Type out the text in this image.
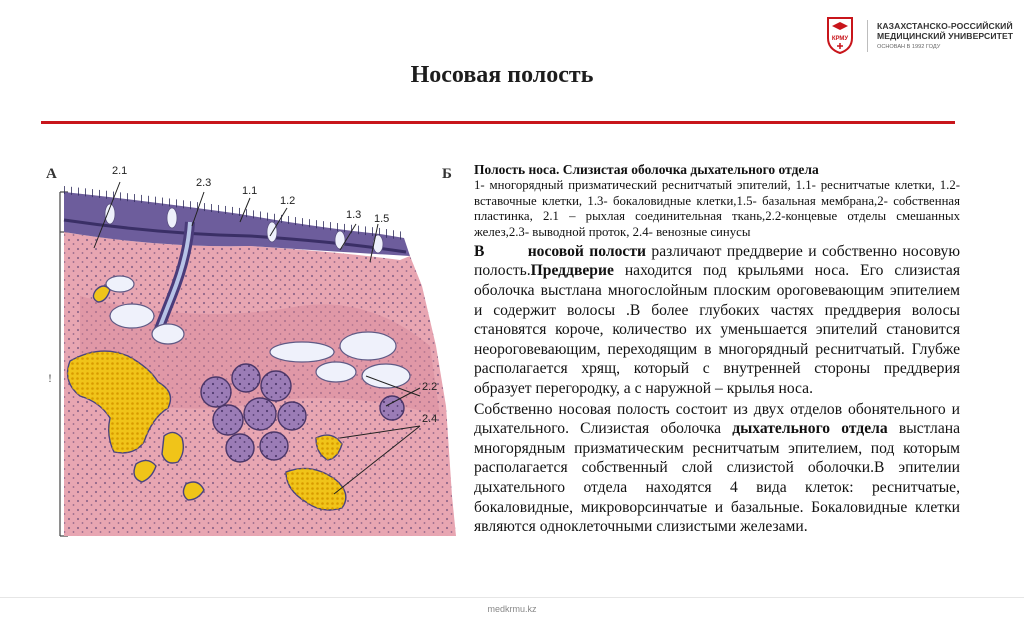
КРМУ
КАЗАХСТАНСКО-РОССИЙСКИЙ
МЕДИЦИНСКИЙ УНИВЕРСИТЕТ
ОСНОВАН В 1992 ГОДУ
Носовая полость
А	Б
!
2.1
2.3
1.1
1.2
1.3 1.5
2.2
2.4
Полость носа. Слизистая оболочка дыхательного отдела
1- многорядный призматический реснитчатый эпителий, 1.1- реснитчатые клетки, 1.2- вставочные клетки, 1.3- бокаловидные клетки,1.5- базальная мембрана,2- собственная пластинка, 2.1 – рыхлая соединительная ткань,2.2-концевые отделы смешанных желез,2.3- выводной проток, 2.4- венозные синусы

В	носовой полости различают преддверие и собственно носовую полость.Преддверие находится под крыльями носа. Его слизистая оболочка выстлана многослойным плоским ороговевающим эпителием и содержит волосы .В более глубоких частях преддверия волосы становятся короче, количество их уменьшается эпителий становится неороговевающим, переходящим в многорядный реснитчатый. Глубже располагается хрящ, который с внутренней стороны преддверия образует перегородку, а с наружной – крылья носа.

Собственно носовая полость состоит из двух отделов обонятельного и дыхательного. Слизистая оболочка дыхательного отдела выстлана многорядным призматическим реснитчатым эпителием, под которым располагается собственный слой слизистой оболочки.В эпителии дыхательного отдела находятся 4 вида клеток: реснитчатые, бокаловидные, микроворсинчатые и базальные. Бокаловидные клетки являются одноклеточными слизистыми железами.

medkrmu.kz
